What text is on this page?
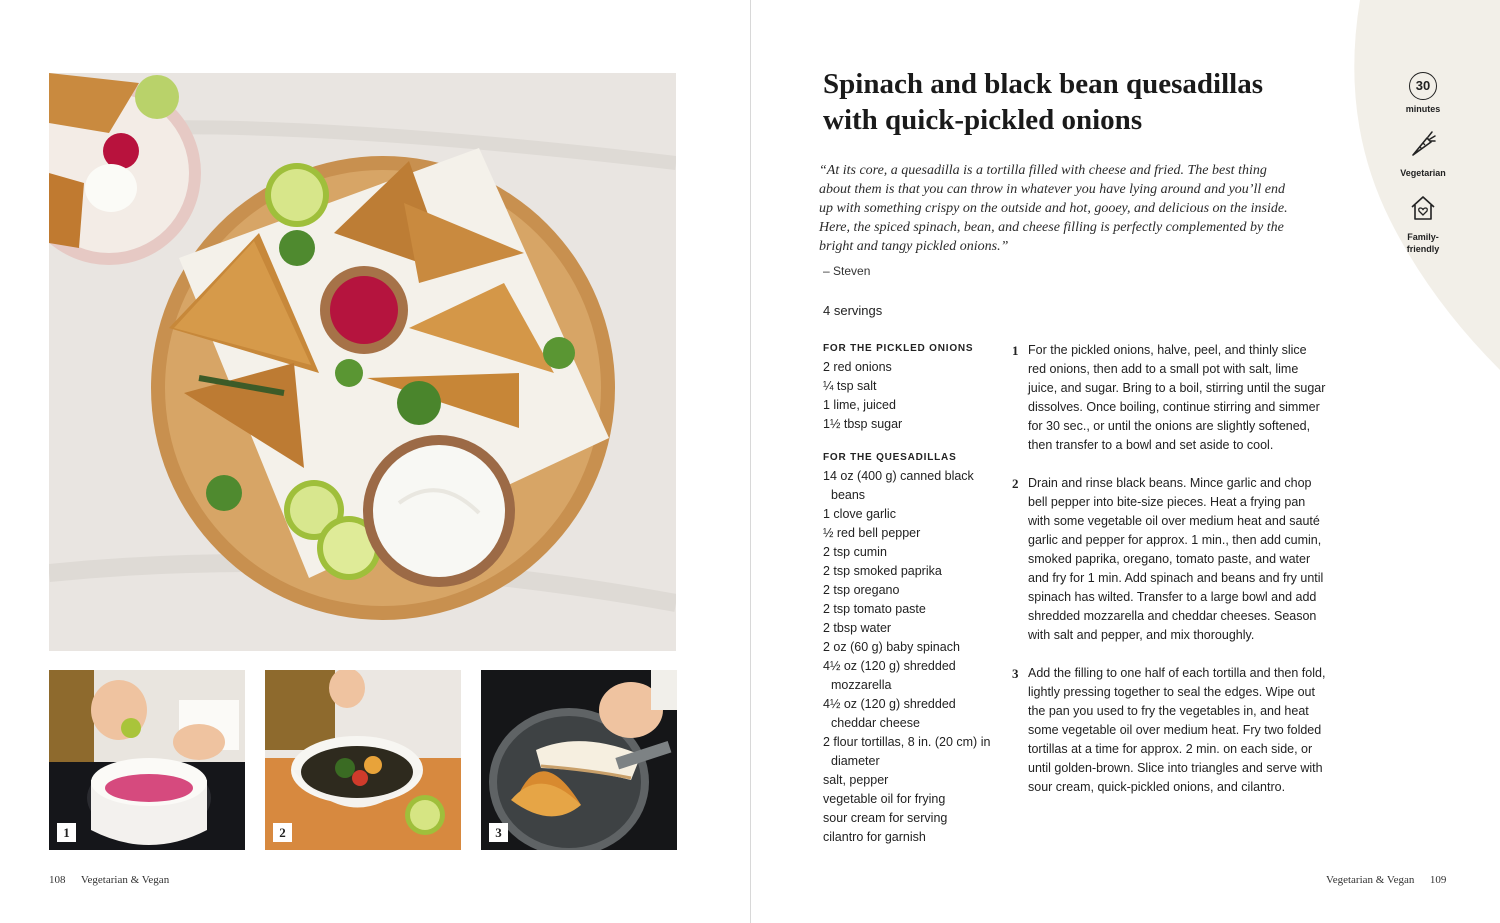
1	2	3
108 Vegetarian & Vegan
Spinach and black bean quesadillas
with quick-pickled onions

“At its core, a quesadilla is a tortilla filled with cheese and fried. The best thing about them is that you can throw in whatever you have lying around and you’ll end up with something crispy on the outside and hot, gooey, and delicious on the inside. Here, the spiced spinach, bean, and cheese filling is perfectly complemented by the bright and tangy pickled onions.”

– Steven
4 servings
30
minutes
Vegetarian
Family-
friendly
FOR THE PICKLED ONIONS
2 red onions
¼ tsp salt
1 lime, juiced
1½ tbsp sugar
FOR THE QUESADILLAS
14 oz (400 g) canned black beans
1 clove garlic
½ red bell pepper
2 tsp cumin
2 tsp smoked paprika
2 tsp oregano
2 tsp tomato paste
2 tbsp water
2 oz (60 g) baby spinach
4½ oz (120 g) shredded mozzarella
4½ oz (120 g) shredded cheddar cheese
2 flour tortillas, 8 in. (20 cm) in diameter
salt, pepper
vegetable oil for frying
sour cream for serving
cilantro for garnish
1 For the pickled onions, halve, peel, and thinly slice red onions, then add to a small pot with salt, lime juice, and sugar. Bring to a boil, stirring until the sugar dissolves. Once boiling, continue stirring and simmer for 30 sec., or until the onions are slightly softened, then transfer to a bowl and set aside to cool.
2 Drain and rinse black beans. Mince garlic and chop bell pepper into bite-size pieces. Heat a frying pan with some vegetable oil over medium heat and sauté garlic and pepper for approx. 1 min., then add cumin, smoked paprika, oregano, tomato paste, and water and fry for 1 min. Add spinach and beans and fry until spinach has wilted. Transfer to a large bowl and add shredded mozzarella and cheddar cheeses. Season with salt and pepper, and mix thoroughly.
3 Add the filling to one half of each tortilla and then fold, lightly pressing together to seal the edges. Wipe out the pan you used to fry the vegetables in, and heat some vegetable oil over medium heat. Fry two folded tortillas at a time for approx. 2 min. on each side, or until golden-brown. Slice into triangles and serve with sour cream, quick-pickled onions, and cilantro.
Vegetarian & Vegan 109
